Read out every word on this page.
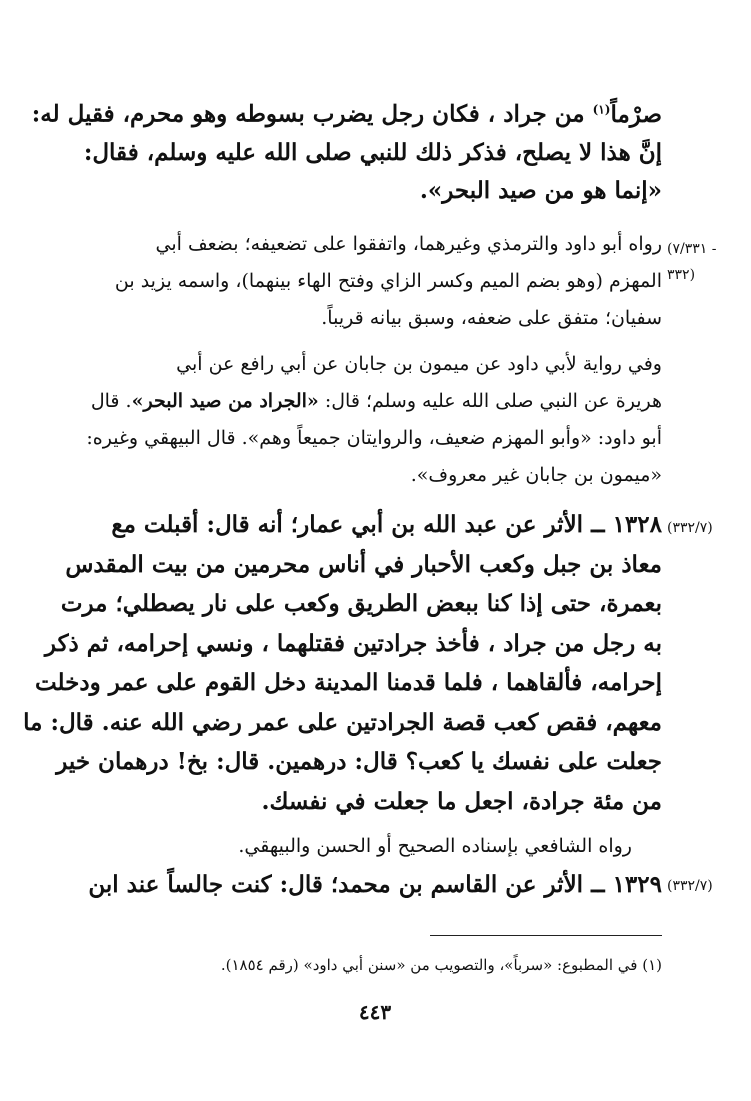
صرْماً$^{(١)}$ من جراد ، فكان رجل يضرب بسوطه وهو محرم، فقيل له:
إنَّ هذا لا يصلح، فذكر ذلك للنبي صلى الله عليه وسلم، فقال:
«إنما هو من صيد البحر».
(٧/٣٣١ -
٣٣٢)
رواه أبو داود والترمذي وغيرهما، واتفقوا على تضعيفه؛ بضعف أبي
المهزم (وهو بضم الميم وكسر الزاي وفتح الهاء بينهما)، واسمه يزيد بن
سفيان؛ متفق على ضعفه، وسبق بيانه قريباً.
وفي رواية لأبي داود عن ميمون بن جابان عن أبي رافع عن أبي
هريرة عن النبي صلى الله عليه وسلم؛ قال: «الجراد من صيد البحر». قال
أبو داود: «وأبو المهزم ضعيف، والروايتان جميعاً وهم». قال البيهقي وغيره:
«ميمون بن جابان غير معروف».
(٣٣٢/٧)
١٣٢٨ ــ الأثر عن عبد الله بن أبي عمار؛ أنه قال: أقبلت مع
معاذ بن جبل وكعب الأحبار في أناس محرمين من بيت المقدس
بعمرة، حتى إذا كنا ببعض الطريق وكعب على نار يصطلي؛ مرت
به رجل من جراد ، فأخذ جرادتين فقتلهما ، ونسي إحرامه، ثم ذكر
إحرامه، فألقاهما ، فلما قدمنا المدينة دخل القوم على عمر ودخلت
معهم، فقص كعب قصة الجرادتين على عمر رضي الله عنه. قال: ما
جعلت على نفسك يا كعب؟ قال: درهمين. قال: بخ! درهمان خير
من مئة جرادة، اجعل ما جعلت في نفسك.
رواه الشافعي بإسناده الصحيح أو الحسن والبيهقي.
(٣٣٢/٧)
١٣٢٩ ــ الأثر عن القاسم بن محمد؛ قال: كنت جالساً عند ابن
(١) في المطبوع: «سرباً»، والتصويب من «سنن أبي داود» (رقم ١٨٥٤).
٤٤٣
